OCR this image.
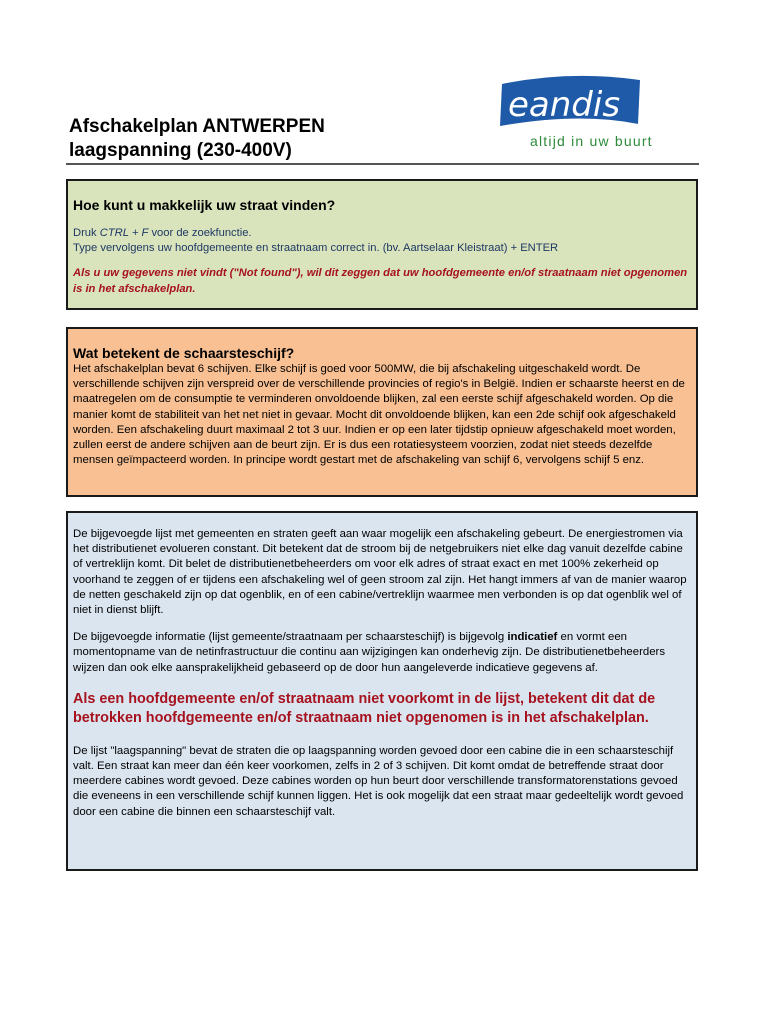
Afschakelplan ANTWERPEN
laagspanning (230-400V)
eandis
altijd in uw buurt

Hoe kunt u makkelijk uw straat vinden?

Druk CTRL + F voor de zoekfunctie.

Type vervolgens uw hoofdgemeente en straatnaam correct in. (bv. Aartselaar Kleistraat) + ENTER

Als u uw gegevens niet vindt ("Not found"), wil dit zeggen dat uw hoofdgemeente en/of straatnaam niet opgenomen is in het afschakelplan.

Wat betekent de schaarsteschijf?

Het afschakelplan bevat 6 schijven. Elke schijf is goed voor 500MW, die bij afschakeling uitgeschakeld wordt. De verschillende schijven zijn verspreid over de verschillende provincies of regio's in België. Indien er schaarste heerst en de maatregelen om de consumptie te verminderen onvoldoende blijken, zal een eerste schijf afgeschakeld worden. Op die manier komt de stabiliteit van het net niet in gevaar. Mocht dit onvoldoende blijken, kan een 2de schijf ook afgeschakeld worden. Een afschakeling duurt maximaal 2 tot 3 uur. Indien er op een later tijdstip opnieuw afgeschakeld moet worden, zullen eerst de andere schijven aan de beurt zijn. Er is dus een rotatiesysteem voorzien, zodat niet steeds dezelfde mensen geïmpacteerd worden. In principe wordt gestart met de afschakeling van schijf 6, vervolgens schijf 5 enz.

De bijgevoegde lijst met gemeenten en straten geeft aan waar mogelijk een afschakeling gebeurt. De energiestromen via het distributienet evolueren constant. Dit betekent dat de stroom bij de netgebruikers niet elke dag vanuit dezelfde cabine of vertreklijn komt. Dit belet de distributienetbeheerders om voor elk adres of straat exact en met 100% zekerheid op voorhand te zeggen of er tijdens een afschakeling wel of geen stroom zal zijn. Het hangt immers af van de manier waarop de netten geschakeld zijn op dat ogenblik, en of een cabine/vertreklijn waarmee men verbonden is op dat ogenblik wel of niet in dienst blijft.

De bijgevoegde informatie (lijst gemeente/straatnaam per schaarsteschijf) is bijgevolg indicatief en vormt een momentopname van de netinfrastructuur die continu aan wijzigingen kan onderhevig zijn. De distributienetbeheerders wijzen dan ook elke aansprakelijkheid gebaseerd op de door hun aangeleverde indicatieve gegevens af.

Als een hoofdgemeente en/of straatnaam niet voorkomt in de lijst, betekent dit dat de betrokken hoofdgemeente en/of straatnaam niet opgenomen is in het afschakelplan.

De lijst "laagspanning" bevat de straten die op laagspanning worden gevoed door een cabine die in een schaarsteschijf valt. Een straat kan meer dan één keer voorkomen, zelfs in 2 of 3 schijven. Dit komt omdat de betreffende straat door meerdere cabines wordt gevoed. Deze cabines worden op hun beurt door verschillende transformatorenstations gevoed die eveneens in een verschillende schijf kunnen liggen. Het is ook mogelijk dat een straat maar gedeeltelijk wordt gevoed door een cabine die binnen een schaarsteschijf valt.
